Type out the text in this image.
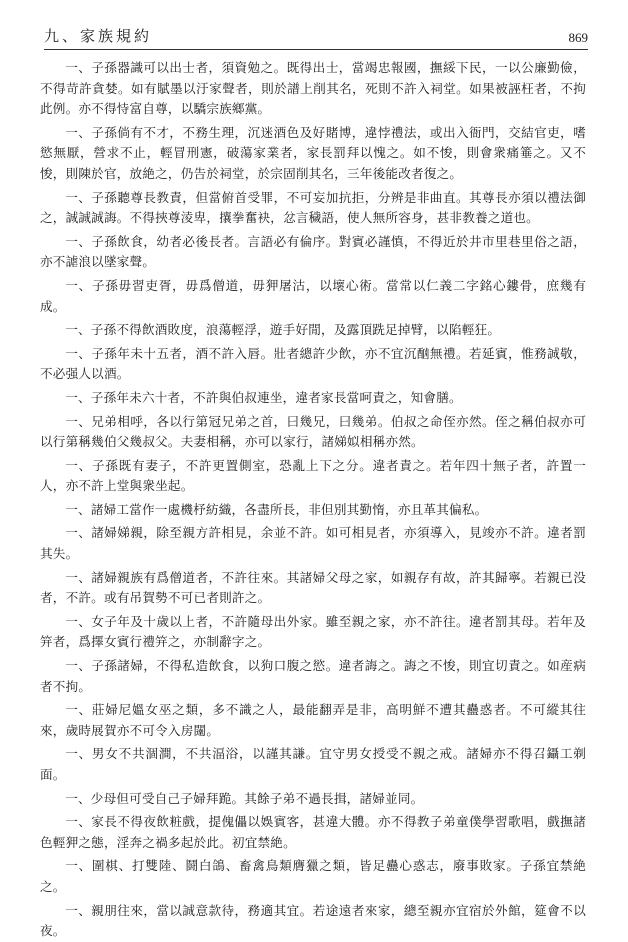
九、家族規約	869

一、子孫器識可以出士者，須資勉之。既得出士，當竭忠報國，撫綏下民，一以公廉勤儉，不得苛許貪婪。如有賦墨以汙家聲者，則於譜上削其名，死則不許入祠堂。如果被誣枉者，不拘此例。亦不得恃富自尊，以驕宗族鄉黨。

一、子孫倘有不才，不務生理，沉迷酒色及好賭博，違悖禮法，或出入衙門，交結官吏，嗜慾無厭，營求不止，輕冒刑憲，破蕩家業者，家長罰拜以愧之。如不悛，則會衆痛箠之。又不悛，則陳於官，放絶之，仍告於祠堂，於宗固削其名，三年後能改者復之。

一、子孫聽尊長教責，但當俯首受罪，不可妄加抗拒，分辨是非曲直。其尊長亦須以禮法御之，誠誠誠誨。不得挾尊淩卑，攘拳奮袂，忿言穢語，使人無所容身，甚非教養之道也。

一、子孫飲食，幼者必後長者。言語必有倫序。對賓必謹慎，不得近於井市里巷里俗之語，亦不謔浪以墜家聲。

一、子孫毋習吏胥，毋爲僧道，毋狎屠沽，以壞心術。當常以仁義二字銘心鏤骨，庶幾有成。

一、子孫不得飲酒敗度，浪蕩輕浮，遊手好閒，及露頂跣足掉臂，以陷輕狂。

一、子孫年未十五者，酒不許入唇。壯者總許少飲，亦不宜沉酗無禮。若延賓，惟務誠敬，不必强人以酒。

一、子孫年未六十者，不許與伯叔連坐，違者家長當呵責之，知會膳。

一、兄弟相呼，各以行第冠兄弟之首，曰幾兄，曰幾弟。伯叔之命侄亦然。侄之稱伯叔亦可以行第稱幾伯父幾叔父。夫妻相稱，亦可以家行，諸娣姒相稱亦然。

一、子孫既有妻子，不許更置側室，恐亂上下之分。違者責之。若年四十無子者，許置一人，亦不許上堂與衆坐起。

一、諸婦工當作一處機杼紡織，各盡所長，非但別其勤惰，亦且革其偏私。

一、諸婦娣親，除至親方許相見，余並不許。如可相見者，亦須導入，見竣亦不許。違者罰其失。

一、諸婦親族有爲僧道者，不許往來。其諸婦父母之家，如親存有故，許其歸寧。若親已没者，不許。或有吊賀勢不可已者則許之。

一、女子年及十歲以上者，不許隨母出外家。雖至親之家，亦不許往。違者罰其母。若年及笄者，爲擇女賓行禮笄之，亦制辭字之。

一、子孫諸婦，不得私造飲食，以狗口腹之慾。違者誨之。誨之不悛，則宜切責之。如産病者不拘。

一、莊婦尼媼女巫之類，多不識之人，最能翻弄是非，高明鮮不遭其蠱惑者。不可縱其往來，歲時展賀亦不可令入房闥。

一、男女不共涸澗，不共湢浴，以謹其謙。宜守男女授受不親之戒。諸婦亦不得召鑷工剃面。

一、少母但可受自己子婦拜跪。其餘子弟不過長揖，諸婦並同。

一、家長不得夜飲粧戲，提傀儡以娛賓客，甚違大體。亦不得教子弟童僕學習歌唱，戲撫諸色輕狎之態，淫奔之禍多起於此。初宜禁絶。

一、圍棋、打雙陸、鬪白鴿、畜禽鳥類膺獵之類，皆足蠱心惑志，廢事敗家。子孫宜禁絶之。

一、親朋往來，當以誠意款待，務適其宜。若途遠者來家，總至親亦宜宿於外館，筵會不以夜。
